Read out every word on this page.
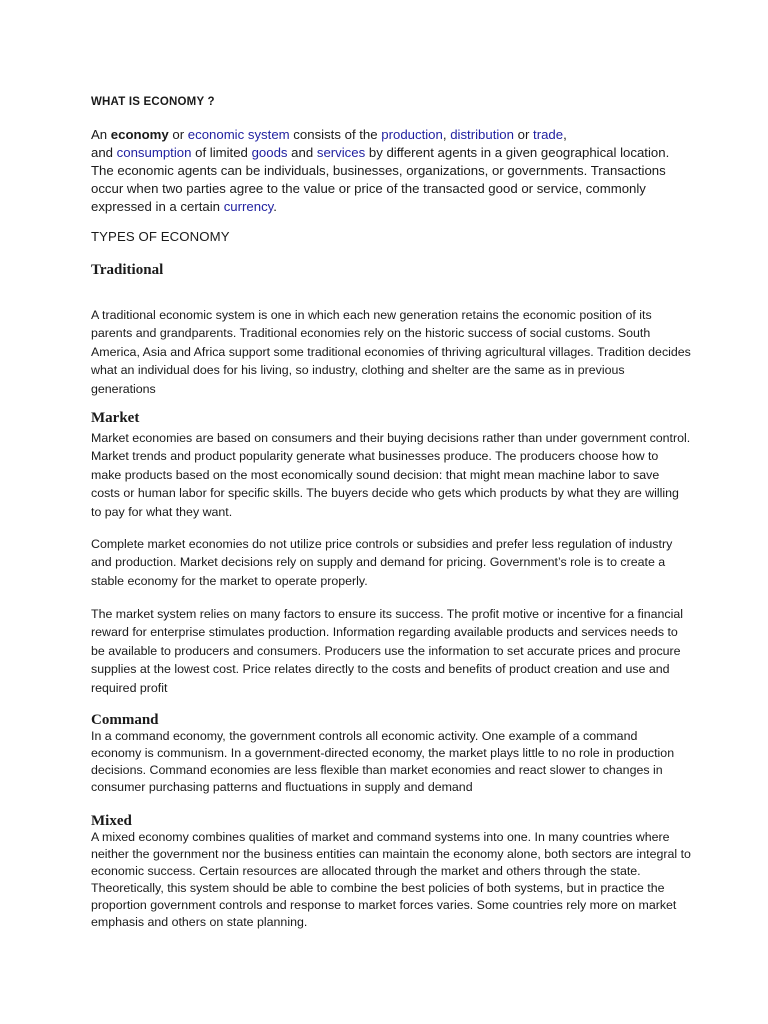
WHAT IS ECONOMY ?

An economy or economic system consists of the production, distribution or trade,
and consumption of limited goods and services by different agents in a given geographical location. The economic agents can be individuals, businesses, organizations, or governments. Transactions occur when two parties agree to the value or price of the transacted good or service, commonly expressed in a certain currency.

TYPES OF ECONOMY
Traditional

A traditional economic system is one in which each new generation retains the economic position of its parents and grandparents. Traditional economies rely on the historic success of social customs. South America, Asia and Africa support some traditional economies of thriving agricultural villages. Tradition decides what an individual does for his living, so industry, clothing and shelter are the same as in previous generations

Market

Market economies are based on consumers and their buying decisions rather than under government control. Market trends and product popularity generate what businesses produce. The producers choose how to make products based on the most economically sound decision: that might mean machine labor to save costs or human labor for specific skills. The buyers decide who gets which products by what they are willing to pay for what they want.

Complete market economies do not utilize price controls or subsidies and prefer less regulation of industry and production. Market decisions rely on supply and demand for pricing. Government’s role is to create a stable economy for the market to operate properly.

The market system relies on many factors to ensure its success. The profit motive or incentive for a financial reward for enterprise stimulates production. Information regarding available products and services needs to be available to producers and consumers. Producers use the information to set accurate prices and procure supplies at the lowest cost. Price relates directly to the costs and benefits of product creation and use and required profit

Command

In a command economy, the government controls all economic activity. One example of a command economy is communism. In a government-directed economy, the market plays little to no role in production decisions. Command economies are less flexible than market economies and react slower to changes in consumer purchasing patterns and fluctuations in supply and demand

Mixed

A mixed economy combines qualities of market and command systems into one. In many countries where neither the government nor the business entities can maintain the economy alone, both sectors are integral to economic success. Certain resources are allocated through the market and others through the state. Theoretically, this system should be able to combine the best policies of both systems, but in practice the proportion government controls and response to market forces varies. Some countries rely more on market emphasis and others on state planning.
